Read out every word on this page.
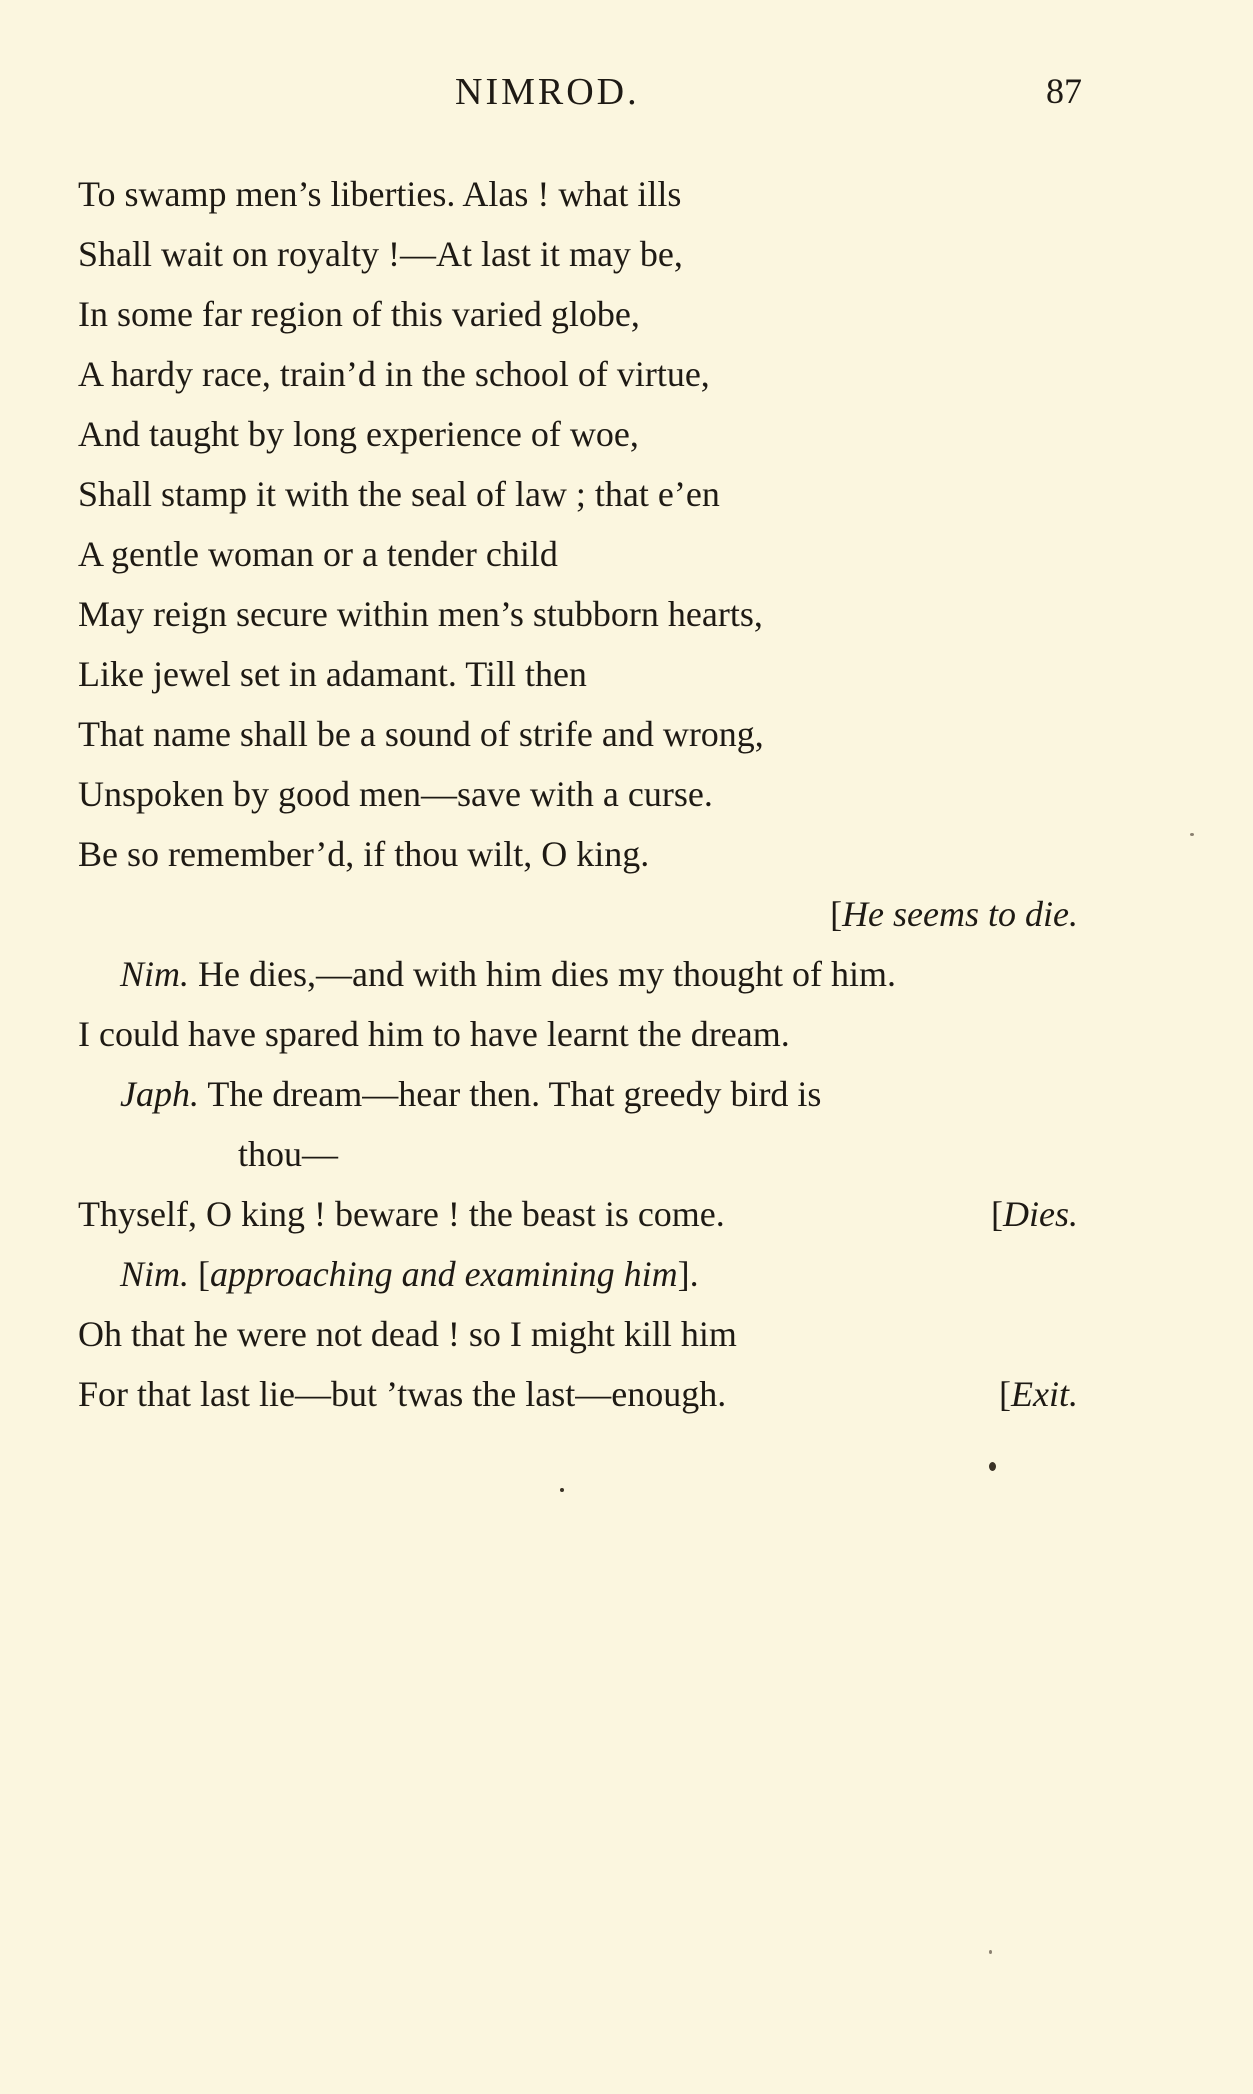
NIMROD.	87
To swamp men’s liberties. Alas ! what ills
Shall wait on royalty !—At last it may be,
In some far region of this varied globe,
A hardy race, train’d in the school of virtue,
And taught by long experience of woe,
Shall stamp it with the seal of law ; that e’en
A gentle woman or a tender child
May reign secure within men’s stubborn hearts,
Like jewel set in adamant. Till then
That name shall be a sound of strife and wrong,
Unspoken by good men—save with a curse.
Be so remember’d, if thou wilt, O king.
[He seems to die.
Nim. He dies,—and with him dies my thought of him.
I could have spared him to have learnt the dream.
Japh. The dream—hear then. That greedy bird is
thou—
Thyself, O king ! beware ! the beast is come.	[Dies.
Nim. [approaching and examining him].
Oh that he were not dead ! so I might kill him
For that last lie—but ’twas the last—enough.	[Exit.
